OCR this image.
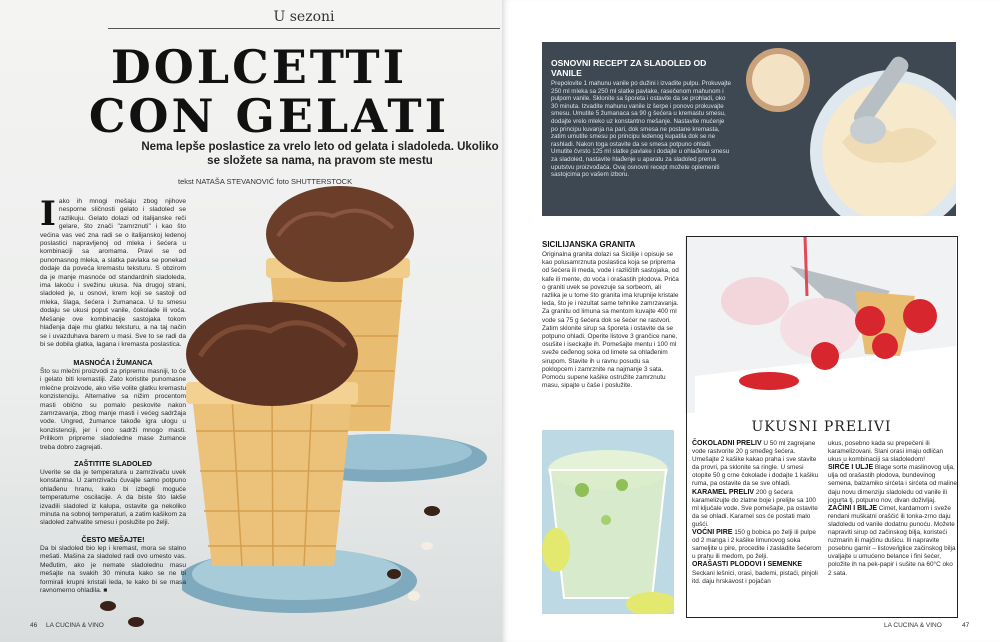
U sezoni
DOLCETTI
CON GELATI
Nema lepše poslastice za vrelo leto od gelata i sladoleda. Ukoliko se složete sa nama, na pravom ste mestu
tekst NATAŠA STEVANOVIĆ foto SHUTTERSTOCK
Iako ih mnogi mešaju zbog njihove nesporne sličnosti gelato i sladoled se razlikuju. Gelato dolazi od italijanske reči gelare, što znači "zamrznuti" i kao što većina vas već zna radi se o italijanskoj ledenoj poslastici napravljenoj od mleka i šećera u kombinaciji sa aromama. Pravi se od punomasnog mleka, a slatka pavlaka se ponekad dodaje da poveća kremastu teksturu. S obzirom da je manje masnoće od standardnih sladoleda, ima lakoću i svežinu ukusa. Na drugoj strani, sladoled je, u osnovi, krem koji se sastoji od mleka, šlaga, šećera i žumanaca. U tu smesu dodaju se ukusi poput vanile, čokolade ili voća. Mešanje ove kombinacije sastojaka tokom hlađenja daje mu glatku teksturu, a na taj način se i uvazduhava barem u masi. Sve to se radi da bi se dobila glatka, lagana i kremasta poslastica.
MASNOĆA I ŽUMANCA
Što su mlečni proizvodi za pripremu masniji, to će i gelato biti kremastiji. Zato koristite punomasne mlečne proizvode, ako više volite glatku kremastu konzistenciju. Alternative sa nižim procentom masti obično su pomalo peskovite nakon zamrzavanja, zbog manje masti i većeg sadržaja vode. Ungred, žumance takođe igra ulogu u konzistenciji, jer i ono sadrži mnogo masti. Prilikom pripreme sladoledne mase žumance treba dobro zagrejati.
ZAŠTITITE SLADOLED
Uverite se da je temperatura u zamrzivaču uvek konstantna. U zamrzivaču čuvajte samo potpuno ohlađenu hranu, kako bi izbegli moguće temperaturne oscilacije. A da biste što lakše izvadili sladoled iz kalupa, ostavite ga nekoliko minuta na sobnoj temperaturi, a zatim kašikom za sladoled zahvatite smesu i poslužite po želji.
ČESTO MEŠAJTE!
Da bi sladoled bio lep i kremast, mora se stalno mešati. Mašina za sladoled radi ovo umesto vas. Međutim, ako je nemate sladolednu masu mešajte na svakih 30 minuta kako se ne bi formirali krupni kristali leda, te kako bi se masa ravnomerno ohladila. ■
46 LA CUCINA & VINO
OSNOVNI RECEPT ZA SLADOLED OD VANILE
Prepolovite 1 mahunu vanile po dužini i izvadite pulpu. Prokuvajte 250 ml mleka sa 250 ml slatke pavlake, rasečenom mahunom i pulpom vanile. Sklonite sa šporeta i ostavite da se prohladi, oko 30 minuta. Izvadite mahunu vanile iz šerpe i ponovo prokuvajte smesu. Umutite 5 žumanaca sa 90 g šećera u kremastu smesu, dodajte vrelo mleko uz konstantno mešanje. Nastavite mućenje po principu kuvanja na pari, dok smesa ne postane kremasta, zatim umutite smesu po principu ledenog kupatila dok se ne rashladi. Nakon toga ostavite da se smesa potpuno ohladi. Umutite čvrsto 125 ml slatke pavlake i dodajte u ohlađenu smesu za sladoled, nastavite hlađenje u aparatu za sladoled prema uputstvu proizvođača. Ovaj osnovni recept možete oplemeniti sastojcima po vašem izboru.
SICILIJANSKA GRANITA

Originalna granita dolazi sa Sicilije i opisuje se kao polusamrznuta poslastica koja se priprema od šećera ili meda, vode i različitih sastojaka, od kafe ili mente, do voća i orašastih plodova. Priča o graniti uvek se povezuje sa sorbeom, ali razlika je u tome što granita ima krupnije kristale leda, što je i rezultat same tehnike zamrzavanja. Za granitu od limuna sa mentom kuvajte 400 ml vode sa 75 g šećera dok se šećer ne rastvori. Zatim sklonite sirup sa šporeta i ostavite da se potpuno ohladi. Operite listove 3 grančice nane, osušite i iseckajte ih. Pomešajte mentu i 100 ml sveže ceđenog soka od limete sa ohlađenim sirupom. Stavite ih u ravnu posudu sa poklopcem i zamrznite na najmanje 3 sata. Pomoću supene kašike ostružite zamrznutu masu, sipajte u čaše i poslužite.

UKUSNI PRELIVI
ČOKOLADNI PRELIV U 50 ml zagrejane vode rastvorite 20 g smeđeg šećera. Umešajte 2 kašike kakao praha i sve stavite da provri, pa sklonite sa ringle. U smesi otopite 50 g crne čokolade i dodajte 1 kašiku ruma, pa ostavite da se sve ohladi.
KARAMEL PRELIV 200 g šećera karamelizujte do zlatne boje i prelijte sa 100 ml ključale vode. Sve pomešajte, pa ostavite da se ohladi. Karamel sos će postati malo gušći.
VOĆNI PIRE 150 g bobica po želji ili pulpe od 2 manga i 2 kašike limunovog soka samelјite u pire, procedite i zasladite šećerom u prahu ili medom, po želji.
ORAŠASTI PLODOVI I SEMENKE
Seckani lešnici, orasi, bademi, pistaći, pinjoli itd. daju hrskavost i pojačan
ukus, posebno kada su prepečeni ili karamelizovani. Slani orasi imaju odličan ukus u kombinaciji sa sladoledom!
SIRĆE I ULJE Blage sorte maslinovog ulja, ulja od orašastih plodova, bundevinog semena, balzamiko sirćeta i sirćeta od maline daju novu dimenziju sladoledu od vanile ili jogurta tj. potpuno nov, divan doživljaj.
ZAČINI I BILJE Cimet, kardamom i sveže rendani muškatni oraščić ili tonka-zrno daju sladoledu od vanile dodatnu punoću. Možete napraviti sirup od začinskog bilja, koristeći ruzmarin ili majčinu dušicu. Ili napravite posebnu garnir – listove/iglice začinskog bilja uvaljajte u umućeno belance i fini šećer, položite ih na pek-papir i sušite na 60°C oko 2 sata.
LA CUCINA & VINO	47
